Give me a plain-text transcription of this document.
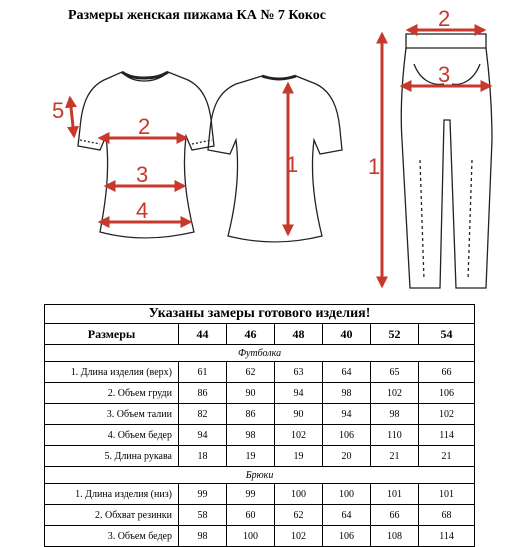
Размеры женская пижама КА № 7 Кокос
5
2
3
4
1	1
2
3
Указаны замеры готового изделия!						
Размеры	44	46	48	40	52	54
Футболка						
1. Длина изделия (верх)	61	62	63	64	65	66
2. Объем груди	86	90	94	98	102	106
3. Объем талии	82	86	90	94	98	102
4. Объем бедер	94	98	102	106	110	114
5. Длина рукава	18	19	19	20	21	21
Брюки						
1. Длина изделия (низ)	99	99	100	100	101	101
2. Обхват резинки	58	60	62	64	66	68
3. Объем бедер	98	100	102	106	108	114
